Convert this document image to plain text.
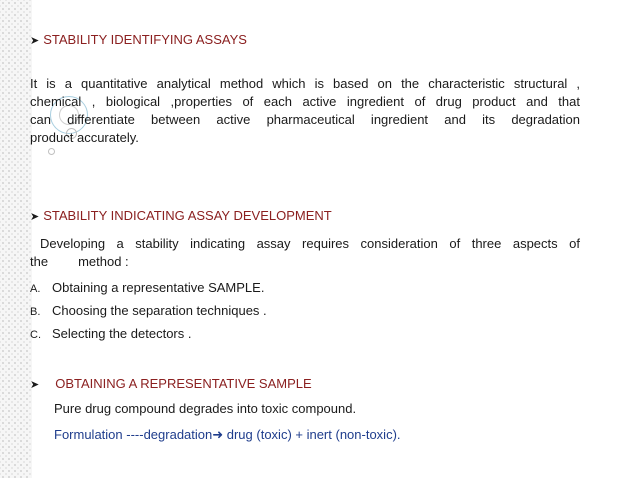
➤ STABILITY IDENTIFYING ASSAYS
It is a quantitative analytical method which is based on the characteristic structural ,
chemical , biological ,properties of each active ingredient of drug product and that
can differentiate between active pharmaceutical ingredient and its degradation
product accurately.
➤ STABILITY INDICATING ASSAY DEVELOPMENT
Developing a stability indicating assay requires consideration of three aspects of
the method :
A. Obtaining a representative SAMPLE.
B. Choosing the separation techniques .
C. Selecting the detectors .
➤ OBTAINING A REPRESENTATIVE SAMPLE
Pure drug compound degrades into toxic compound.
Formulation ----degradation➜ drug (toxic) + inert (non-toxic).
